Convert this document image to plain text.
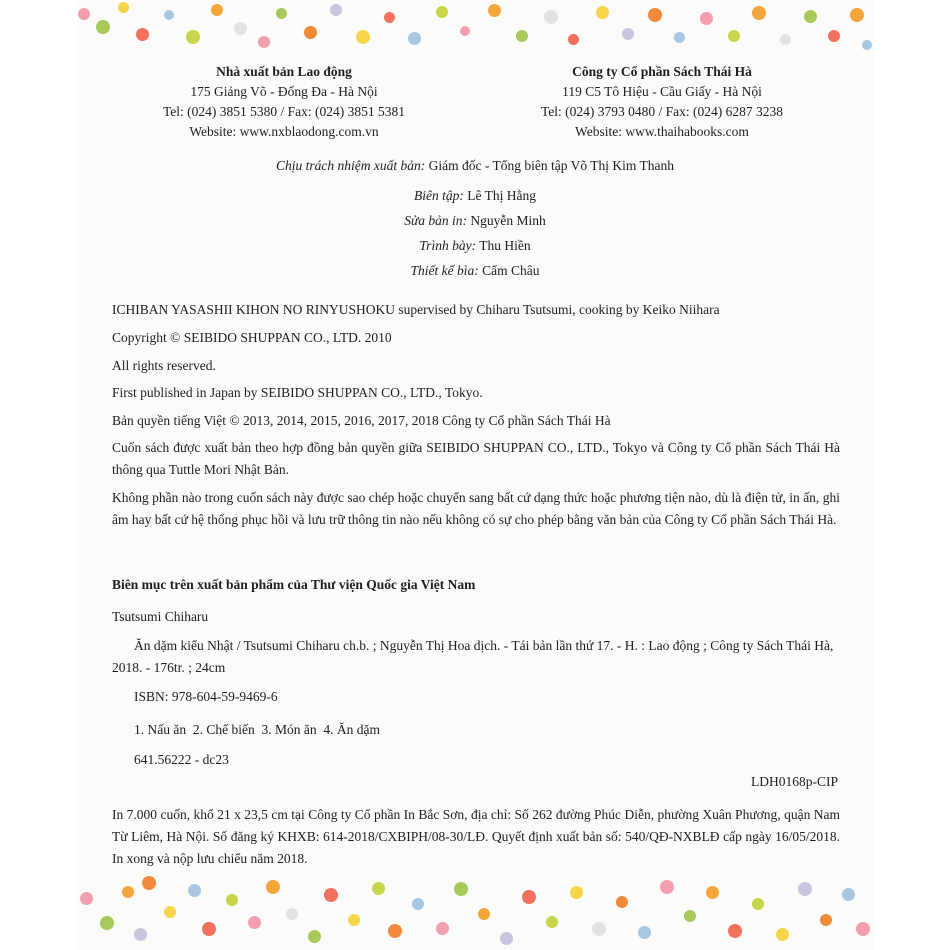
Nhà xuất bản Lao động
175 Giảng Võ - Đống Đa - Hà Nội
Tel: (024) 3851 5380 / Fax: (024) 3851 5381
Website: www.nxblaodong.com.vn
Công ty Cổ phần Sách Thái Hà
119 C5 Tô Hiệu - Cầu Giấy - Hà Nội
Tel: (024) 3793 0480 / Fax: (024) 6287 3238
Website: www.thaihabooks.com
Chịu trách nhiệm xuất bản: Giám đốc - Tổng biên tập Võ Thị Kim Thanh
Biên tập: Lê Thị Hằng
Sửa bản in: Nguyễn Minh
Trình bày: Thu Hiền
Thiết kế bìa: Cẩm Châu
ICHIBAN YASASHII KIHON NO RINYUSHOKU supervised by Chiharu Tsutsumi, cooking by Keiko Niihara
Copyright © SEIBIDO SHUPPAN CO., LTD. 2010
All rights reserved.
First published in Japan by SEIBIDO SHUPPAN CO., LTD., Tokyo.
Bản quyền tiếng Việt © 2013, 2014, 2015, 2016, 2017, 2018 Công ty Cổ phần Sách Thái Hà
Cuốn sách được xuất bản theo hợp đồng bản quyền giữa SEIBIDO SHUPPAN CO., LTD., Tokyo và Công ty Cổ phần Sách Thái Hà thông qua Tuttle Mori Nhật Bản.
Không phần nào trong cuốn sách này được sao chép hoặc chuyển sang bất cứ dạng thức hoặc phương tiện nào, dù là điện tử, in ấn, ghi âm hay bất cứ hệ thống phục hồi và lưu trữ thông tin nào nếu không có sự cho phép bằng văn bản của Công ty Cổ phần Sách Thái Hà.
Biên mục trên xuất bản phẩm của Thư viện Quốc gia Việt Nam
Tsutsumi Chiharu
Ăn dặm kiểu Nhật / Tsutsumi Chiharu ch.b. ; Nguyễn Thị Hoa dịch. - Tái bản lần thứ 17. - H. : Lao động ; Công ty Sách Thái Hà, 2018. - 176tr. ; 24cm
ISBN: 978-604-59-9469-6
1. Nấu ăn  2. Chế biến  3. Món ăn  4. Ăn dặm
641.56222 - dc23
LDH0168p-CIP
In 7.000 cuốn, khổ 21 x 23,5 cm tại Công ty Cổ phần In Bắc Sơn, địa chỉ: Số 262 đường Phúc Diễn, phường Xuân Phương, quận Nam Từ Liêm, Hà Nội. Số đăng ký KHXB: 614-2018/CXBIPH/08-30/LĐ. Quyết định xuất bản số: 540/QĐ-NXBLĐ cấp ngày 16/05/2018. In xong và nộp lưu chiểu năm 2018.
